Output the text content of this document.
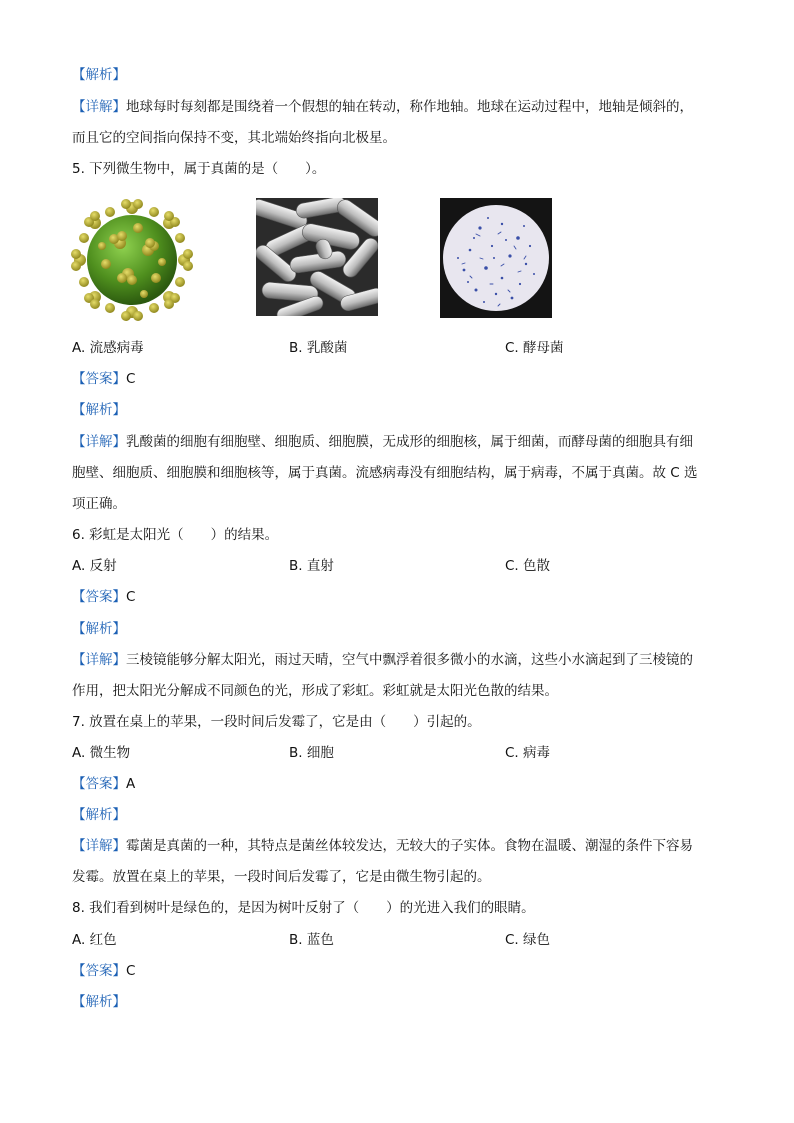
【解析】
【详解】地球每时每刻都是围绕着一个假想的轴在转动，称作地轴。地球在运动过程中，地轴是倾斜的，
而且它的空间指向保持不变，其北端始终指向北极星。
5. 下列微生物中，属于真菌的是（　　）。
A. 流感病毒	B. 乳酸菌	C. 酵母菌
【答案】C
【解析】
【详解】乳酸菌的细胞有细胞壁、细胞质、细胞膜，无成形的细胞核，属于细菌，而酵母菌的细胞具有细
胞壁、细胞质、细胞膜和细胞核等，属于真菌。流感病毒没有细胞结构，属于病毒，不属于真菌。故 C 选
项正确。
6. 彩虹是太阳光（　　）的结果。
A. 反射	B. 直射	C. 色散
【答案】C
【解析】
【详解】三棱镜能够分解太阳光，雨过天晴，空气中飘浮着很多微小的水滴，这些小水滴起到了三棱镜的
作用，把太阳光分解成不同颜色的光，形成了彩虹。彩虹就是太阳光色散的结果。
7. 放置在桌上的苹果，一段时间后发霉了，它是由（　　）引起的。
A. 微生物	B. 细胞	C. 病毒
【答案】A
【解析】
【详解】霉菌是真菌的一种，其特点是菌丝体较发达，无较大的子实体。食物在温暖、潮湿的条件下容易
发霉。放置在桌上的苹果，一段时间后发霉了，它是由微生物引起的。
8. 我们看到树叶是绿色的，是因为树叶反射了（　　）的光进入我们的眼睛。
A. 红色	B. 蓝色	C. 绿色
【答案】C
【解析】
